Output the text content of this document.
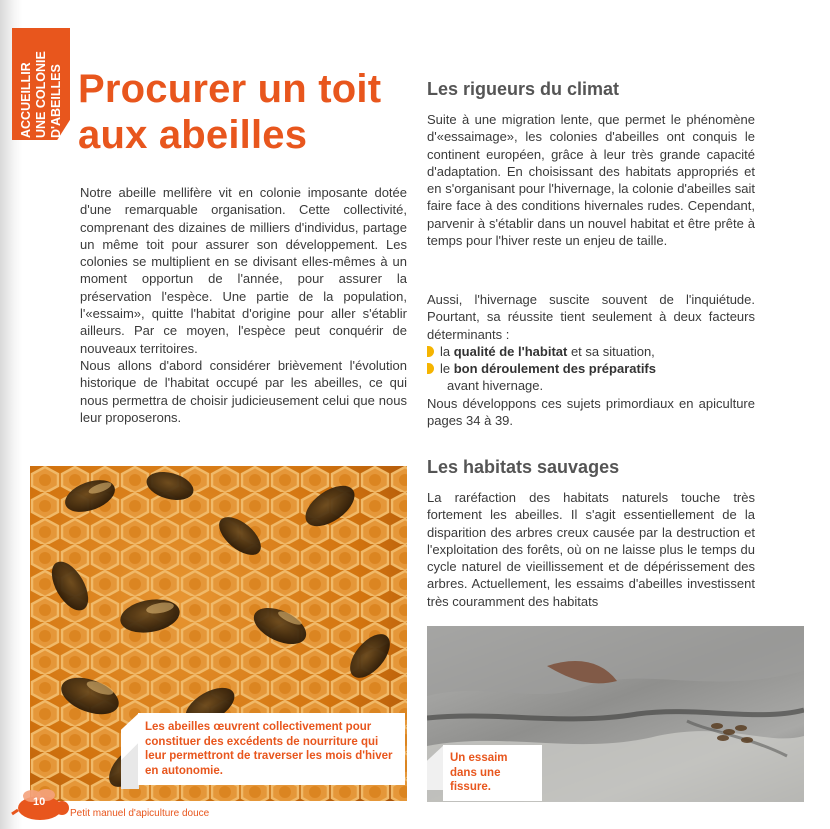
ACCUEILLIR UNE COLONIE D'ABEILLES Procurer un toit
aux abeilles
Notre abeille mellifère vit en colonie imposante dotée d'une remarquable organisation. Cette collectivité, comprenant des dizaines de milliers d'individus, partage un même toit pour assurer son développement. Les colonies se multiplient en se divisant elles-mêmes à un moment opportun de l'année, pour assurer la préservation l'espèce. Une partie de la population, l'«essaim», quitte l'habitat d'origine pour aller s'établir ailleurs. Par ce moyen, l'espèce peut conquérir de nouveaux territoires.
Nous allons d'abord considérer brièvement l'évolution historique de l'habitat occupé par les abeilles, ce qui nous permettra de choisir judicieusement celui que nous leur proposerons.
Les rigueurs du climat

Suite à une migration lente, que permet le phénomène d'«essaimage», les colonies d'abeilles ont conquis le continent européen, grâce à leur très grande capacité d'adaptation. En choisissant des habitats appropriés et en s'organisant pour l'hivernage, la colonie d'abeilles sait faire face à des conditions hivernales rudes. Cependant, parvenir à s'établir dans un nouvel habitat et être prête à temps pour l'hiver reste un enjeu de taille.

Aussi, l'hivernage suscite souvent de l'inquiétude. Pourtant, sa réussite tient seulement à deux facteurs déterminants :
la qualité de l'habitat et sa situation,
le bon déroulement des préparatifs
avant hivernage.
Nous développons ces sujets primordiaux en apiculture pages 34 à 39.
Les habitats sauvages

La raréfaction des habitats naturels touche très fortement les abeilles. Il s'agit essentiellement de la disparition des arbres creux causée par la destruction et l'exploitation des forêts, où on ne laisse plus le temps du cycle naturel de vieillissement et de dépérissement des arbres. Actuellement, les essaims d'abeilles investissent très couramment des habitats

Les abeilles œuvrent collectivement pour constituer des excédents de nourriture qui leur permettront de traverser les mois d'hiver en autonomie.
Un essaim dans une fissure.
10
Petit manuel d'apiculture douce
